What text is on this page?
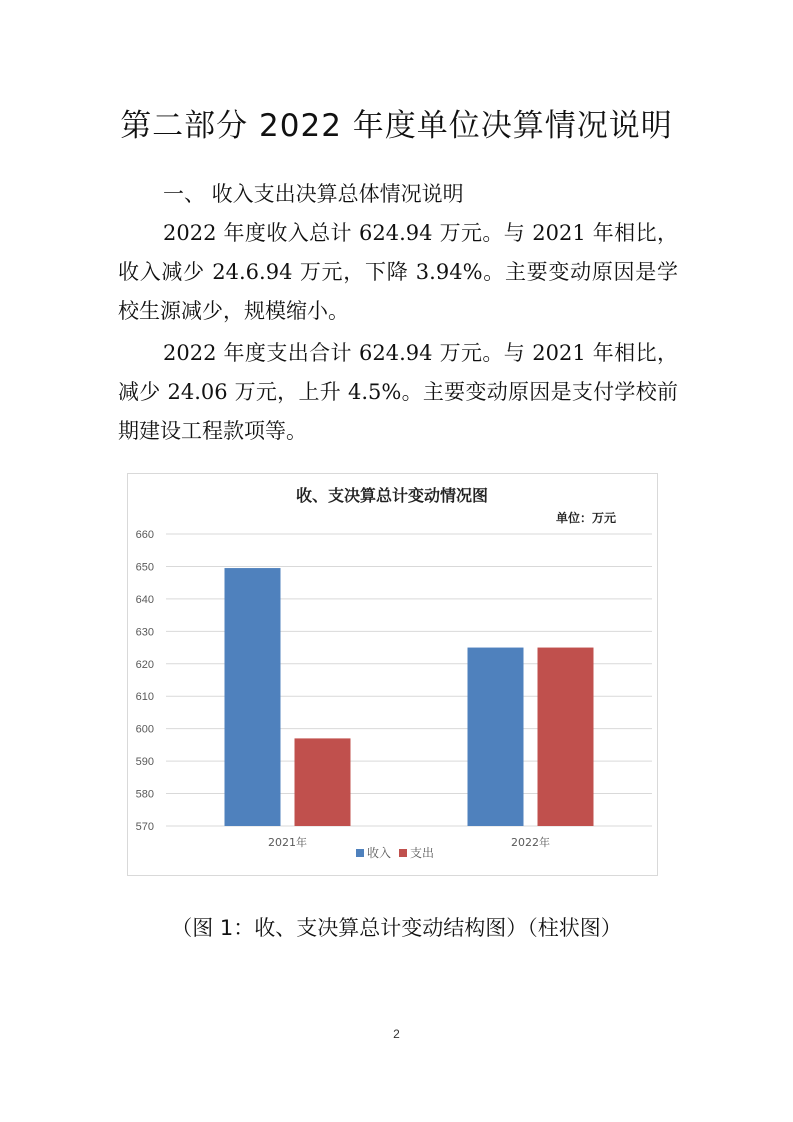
第二部分 2022 年度单位决算情况说明
一、 收入支出决算总体情况说明
2022 年度收入总计 624.94 万元。与 2021 年相比，收入减少 24.6.94 万元，下降 3.94%。主要变动原因是学校生源减少，规模缩小。
2022 年度支出合计 624.94 万元。与 2021 年相比，减少 24.06 万元，上升 4.5%。主要变动原因是支付学校前期建设工程款项等。
收、支决算总计变动情况图
单位：万元
570
580
590
600
610
620
630
640
650
660
2021年	2022年
收入 支出
（图 1：收、支决算总计变动结构图）（柱状图）
2
